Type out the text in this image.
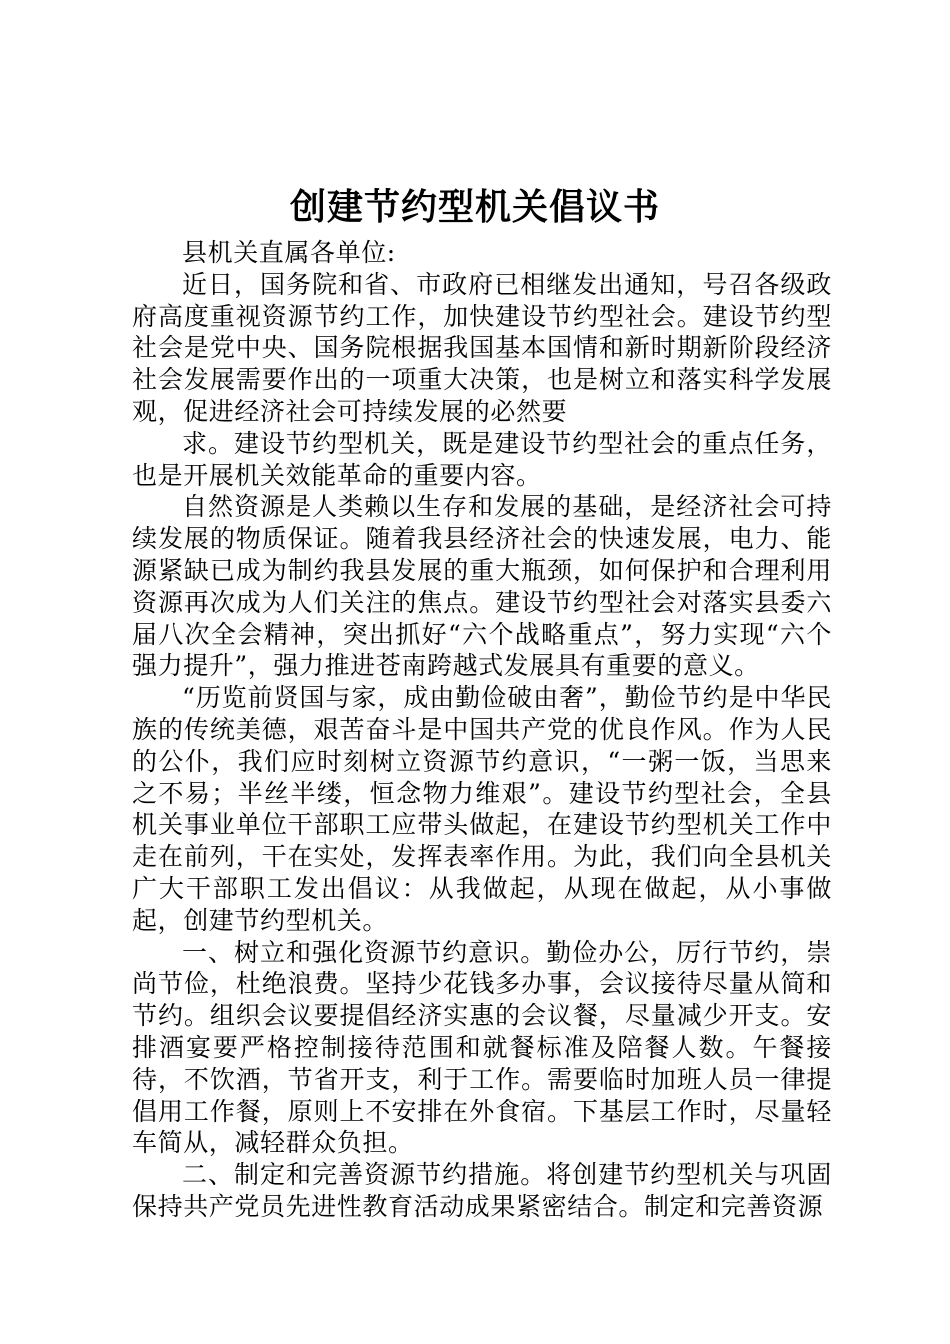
创建节约型机关倡议书

县机关直属各单位:

近日，国务院和省、市政府已相继发出通知，号召各级政府高度重视资源节约工作，加快建设节约型社会。建设节约型社会是党中央、国务院根据我国基本国情和新时期新阶段经济社会发展需要作出的一项重大决策，也是树立和落实科学发展观，促进经济社会可持续发展的必然要

求。建设节约型机关，既是建设节约型社会的重点任务，也是开展机关效能革命的重要内容。

自然资源是人类赖以生存和发展的基础，是经济社会可持续发展的物质保证。随着我县经济社会的快速发展，电力、能源紧缺已成为制约我县发展的重大瓶颈，如何保护和合理利用资源再次成为人们关注的焦点。建设节约型社会对落实县委六届八次全会精神，突出抓好“六个战略重点”，努力实现“六个强力提升”，强力推进苍南跨越式发展具有重要的意义。

“历览前贤国与家，成由勤俭破由奢”，勤俭节约是中华民族的传统美德，艰苦奋斗是中国共产党的优良作风。作为人民的公仆，我们应时刻树立资源节约意识，“一粥一饭，当思来之不易；半丝半缕，恒念物力维艰”。建设节约型社会，全县机关事业单位干部职工应带头做起，在建设节约型机关工作中走在前列，干在实处，发挥表率作用。为此，我们向全县机关广大干部职工发出倡议：从我做起，从现在做起，从小事做起，创建节约型机关。

一、树立和强化资源节约意识。勤俭办公，厉行节约，崇尚节俭，杜绝浪费。坚持少花钱多办事，会议接待尽量从简和节约。组织会议要提倡经济实惠的会议餐，尽量减少开支。安排酒宴要严格控制接待范围和就餐标准及陪餐人数。午餐接待，不饮酒，节省开支，利于工作。需要临时加班人员一律提倡用工作餐，原则上不安排在外食宿。下基层工作时，尽量轻车简从，减轻群众负担。

二、制定和完善资源节约措施。将创建节约型机关与巩固保持共产党员先进性教育活动成果紧密结合。制定和完善资源
